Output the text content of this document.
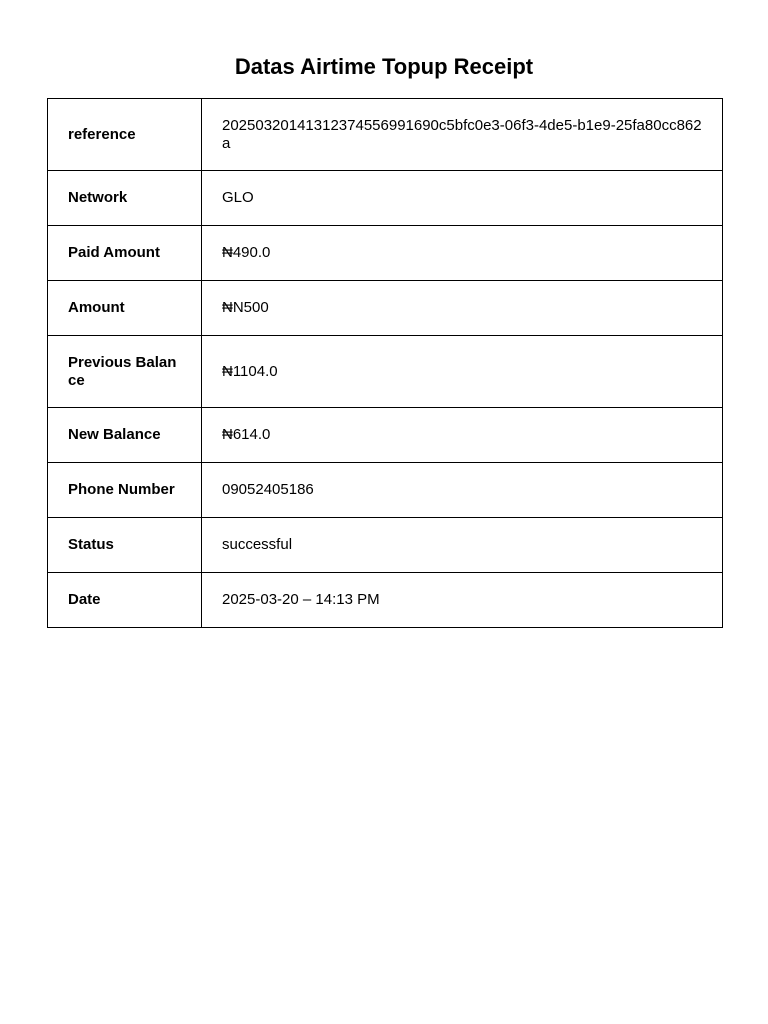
Datas Airtime Topup Receipt
reference	2025032014131237455699​1690c5bfc0e3-06f3-4de5-b1e9-25fa80cc862a
Network	GLO
Paid Amount	₦490.0
Amount	₦N500
Previous Balance	₦1104.0
New Balance	₦614.0
Phone Number	09052405186
Status	successful
Date	2025-03-20 – 14:13 PM
